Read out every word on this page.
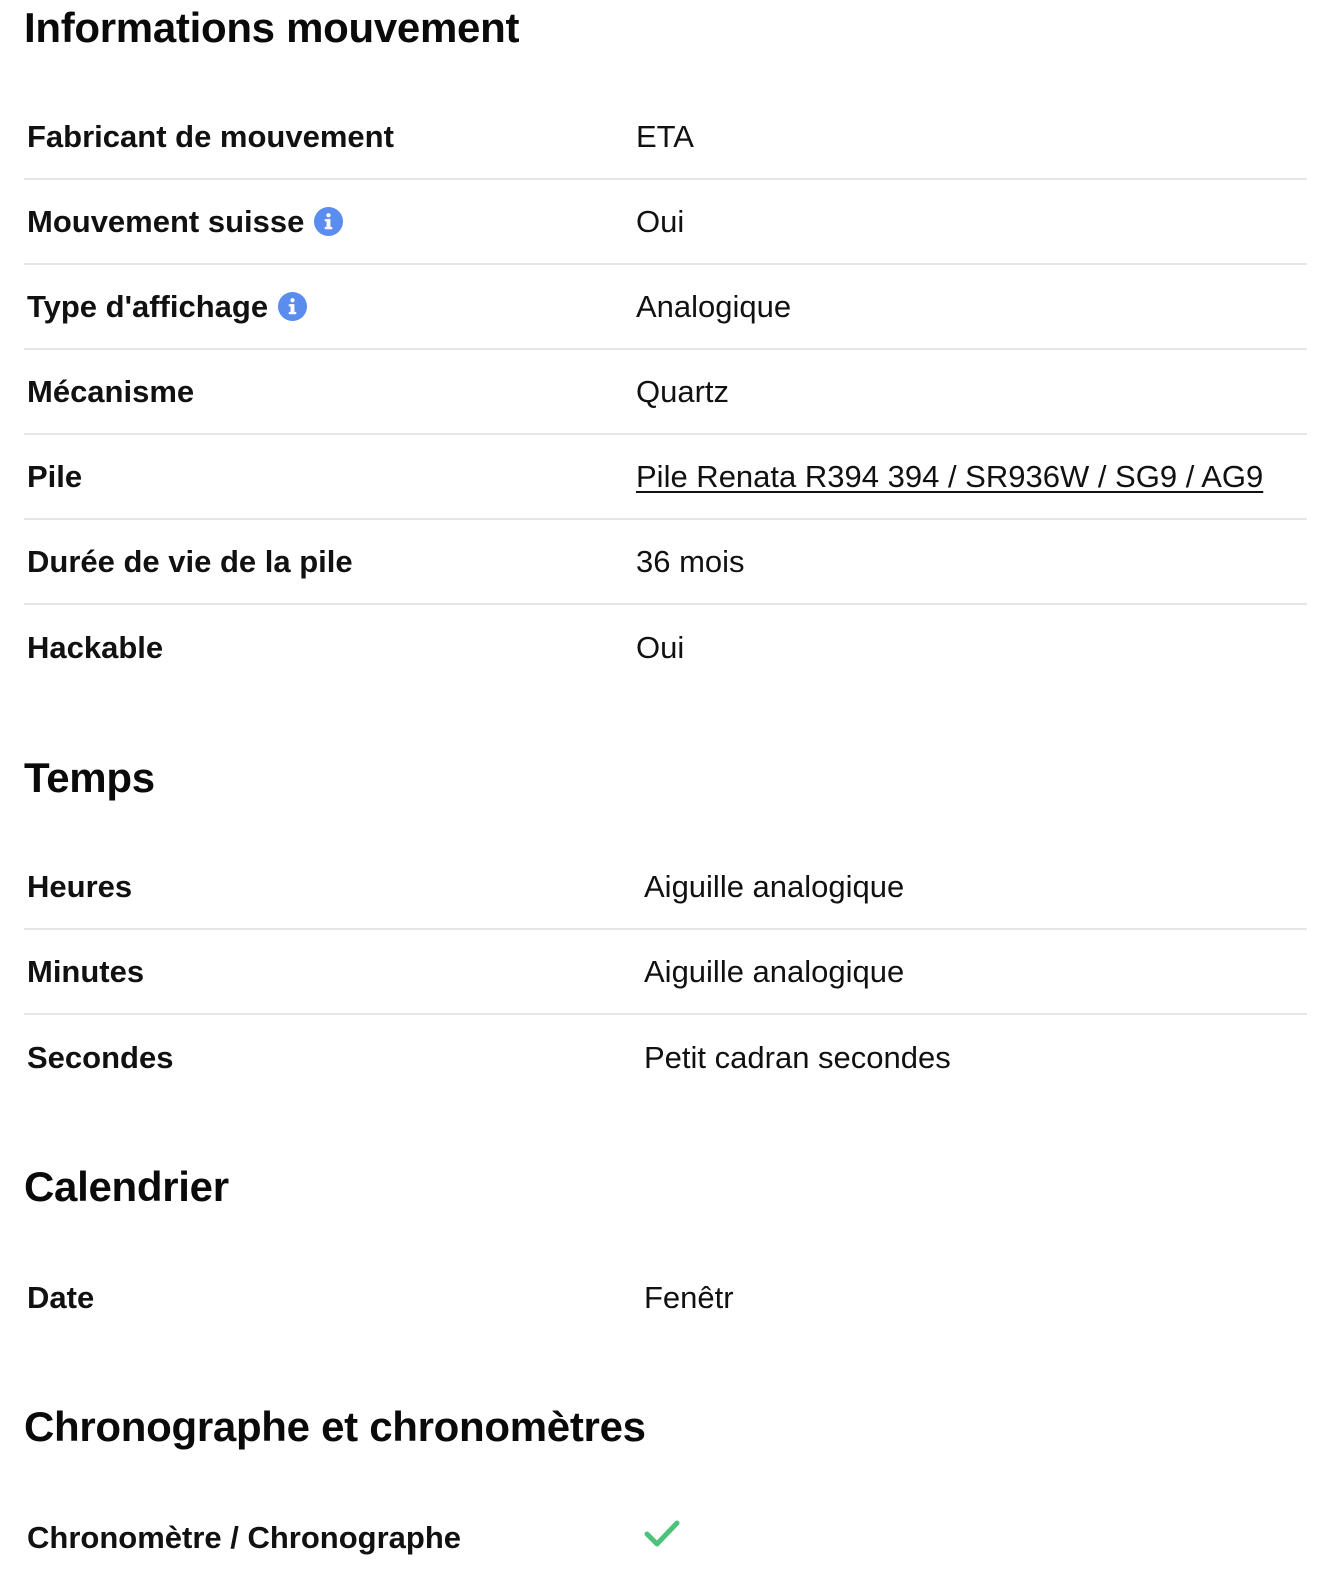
Informations mouvement
Fabricant de mouvement	ETA
Mouvement suisse	Oui
Type d'affichage	Analogique
Mécanisme	Quartz
Pile	Pile Renata R394 394 / SR936W / SG9 / AG9
Durée de vie de la pile	36 mois
Hackable	Oui
Temps
Heures	Aiguille analogique
Minutes	Aiguille analogique
Secondes	Petit cadran secondes
Calendrier
Date	Fenêtr
Chronographe et chronomètres
Chronomètre / Chronographe
